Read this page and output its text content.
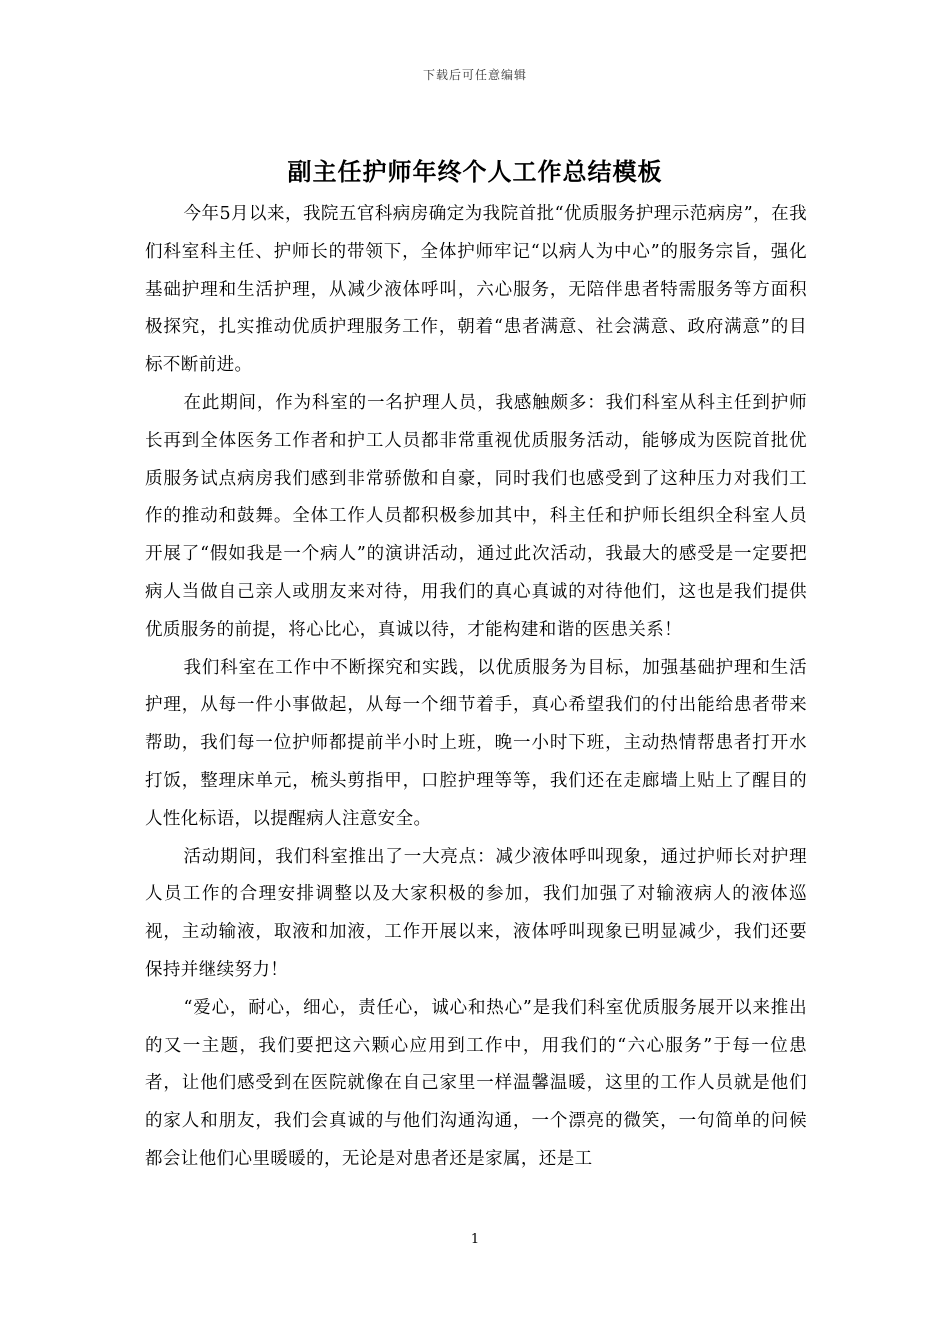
下载后可任意编辑
副主任护师年终个人工作总结模板

今年5月以来，我院五官科病房确定为我院首批“优质服务护理示范病房”，在我们科室科主任、护师长的带领下，全体护师牢记“以病人为中心”的服务宗旨，强化基础护理和生活护理，从减少液体呼叫，六心服务，无陪伴患者特需服务等方面积极探究，扎实推动优质护理服务工作，朝着“患者满意、社会满意、政府满意”的目标不断前进。

在此期间，作为科室的一名护理人员，我感触颇多：我们科室从科主任到护师长再到全体医务工作者和护工人员都非常重视优质服务活动，能够成为医院首批优质服务试点病房我们感到非常骄傲和自豪，同时我们也感受到了这种压力对我们工作的推动和鼓舞。全体工作人员都积极参加其中，科主任和护师长组织全科室人员开展了“假如我是一个病人”的演讲活动，通过此次活动，我最大的感受是一定要把病人当做自己亲人或朋友来对待，用我们的真心真诚的对待他们，这也是我们提供优质服务的前提，将心比心，真诚以待，才能构建和谐的医患关系！

我们科室在工作中不断探究和实践，以优质服务为目标，加强基础护理和生活护理，从每一件小事做起，从每一个细节着手，真心希望我们的付出能给患者带来帮助，我们每一位护师都提前半小时上班，晚一小时下班，主动热情帮患者打开水打饭，整理床单元，梳头剪指甲，口腔护理等等，我们还在走廊墙上贴上了醒目的人性化标语，以提醒病人注意安全。

活动期间，我们科室推出了一大亮点：减少液体呼叫现象，通过护师长对护理人员工作的合理安排调整以及大家积极的参加，我们加强了对输液病人的液体巡视，主动输液，取液和加液，工作开展以来，液体呼叫现象已明显减少，我们还要保持并继续努力！

“爱心，耐心，细心，责任心，诚心和热心”是我们科室优质服务展开以来推出的又一主题，我们要把这六颗心应用到工作中，用我们的“六心服务”于每一位患者，让他们感受到在医院就像在自己家里一样温馨温暖，这里的工作人员就是他们的家人和朋友，我们会真诚的与他们沟通沟通，一个漂亮的微笑，一句简单的问候都会让他们心里暖暖的，无论是对患者还是家属，还是工

1
